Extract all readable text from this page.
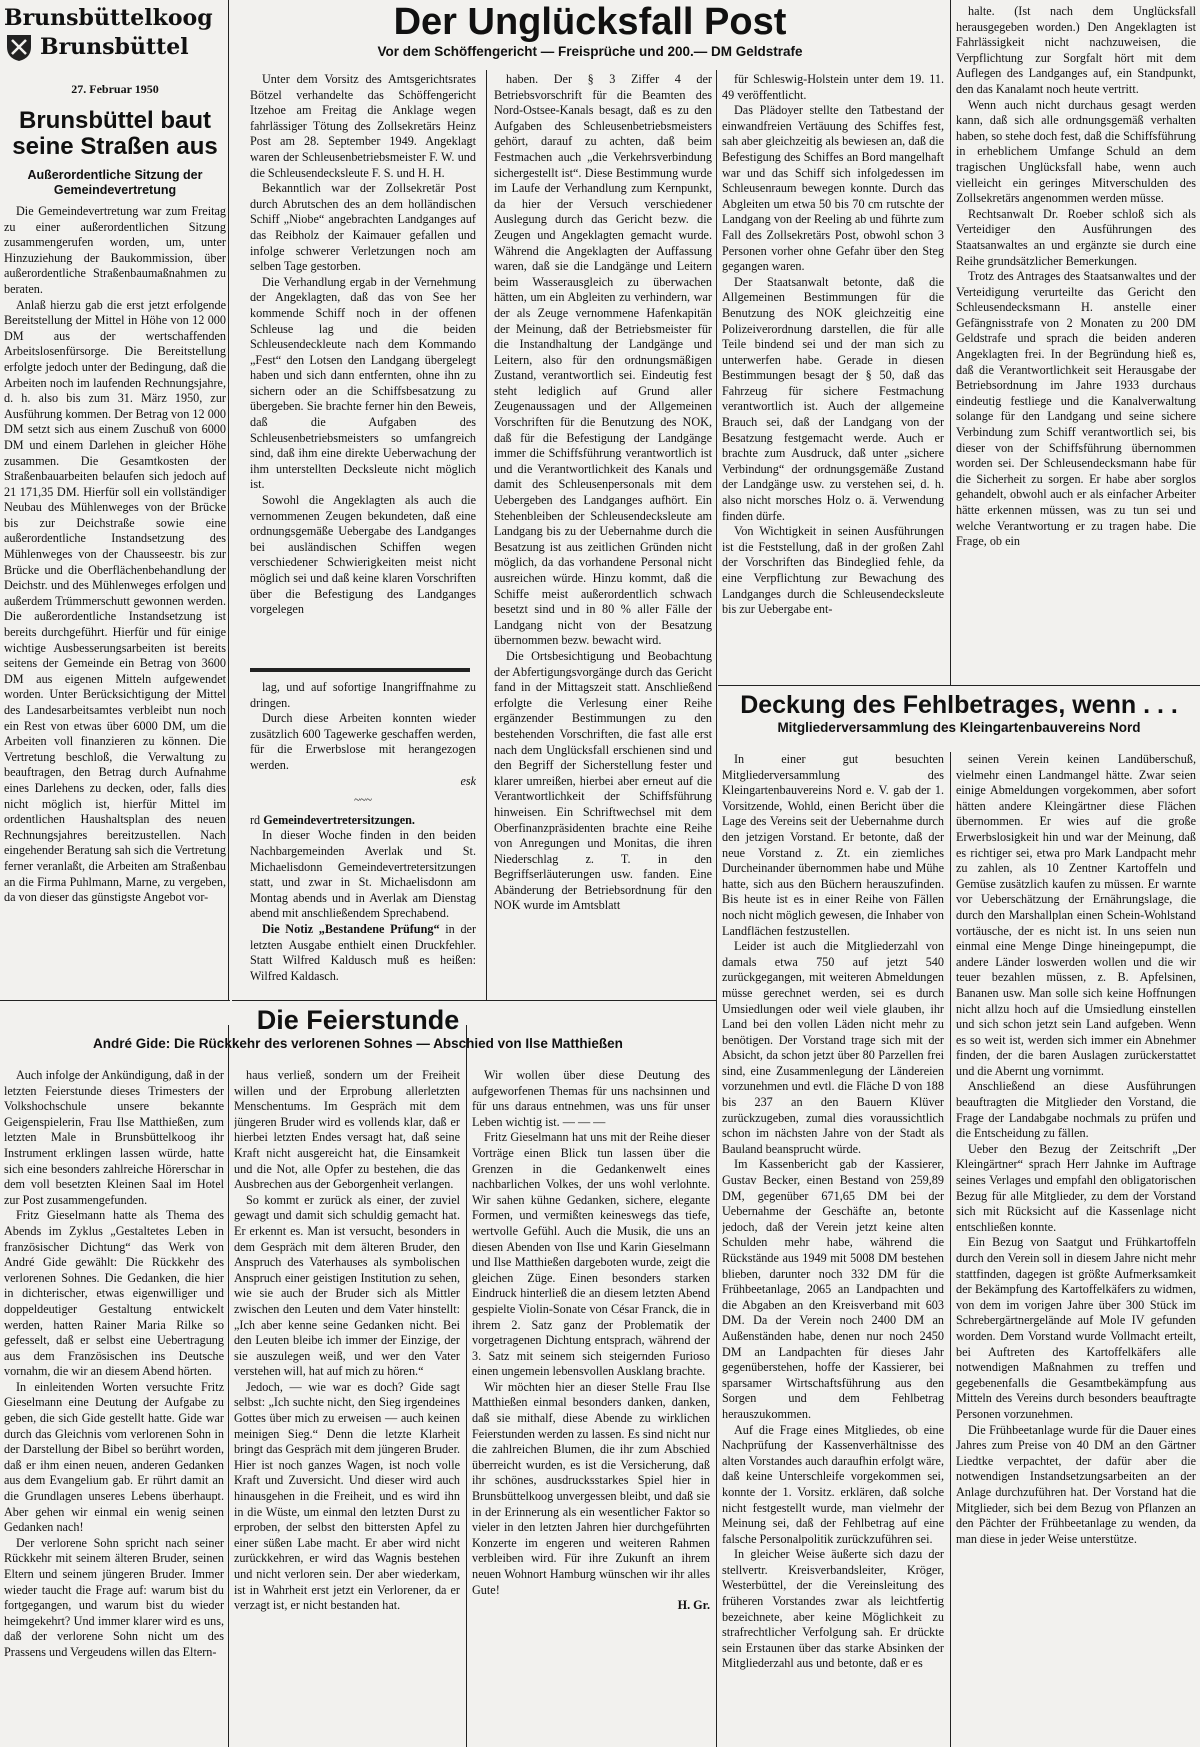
Brunsbüttelkoog
Brunsbüttel
27. Februar 1950
Brunsbüttel baut seine Straßen aus
Außerordentliche Sitzung der Gemeindevertretung

Die Gemeindevertretung war zum Freitag zu einer außerordentlichen Sitzung zusammengerufen worden, um, unter Hinzuziehung der Baukommission, über außerordentliche Straßenbaumaßnahmen zu beraten.

Anlaß hierzu gab die erst jetzt erfolgende Bereitstellung der Mittel in Höhe von 12 000 DM aus der wertschaffenden Arbeitslosenfürsorge. Die Bereitstellung erfolgte jedoch unter der Bedingung, daß die Arbeiten noch im laufenden Rechnungsjahre, d. h. also bis zum 31. März 1950, zur Ausführung kommen. Der Betrag von 12 000 DM setzt sich aus einem Zuschuß von 6000 DM und einem Darlehen in gleicher Höhe zusammen. Die Gesamtkosten der Straßenbauarbeiten belaufen sich jedoch auf 21 171,35 DM. Hierfür soll ein vollständiger Neubau des Mühlenweges von der Brücke bis zur Deichstraße sowie eine außerordentliche Instandsetzung des Mühlenweges von der Chausseestr. bis zur Brücke und die Oberflächenbehandlung der Deichstr. und des Mühlenweges erfolgen und außerdem Trümmerschutt gewonnen werden. Die außerordentliche Instandsetzung ist bereits durchgeführt. Hierfür und für einige wichtige Ausbesserungsarbeiten ist bereits seitens der Gemeinde ein Betrag von 3600 DM aus eigenen Mitteln aufgewendet worden. Unter Berücksichtigung der Mittel des Landesarbeitsamtes verbleibt nun noch ein Rest von etwas über 6000 DM, um die Arbeiten voll finanzieren zu können. Die Vertretung beschloß, die Verwaltung zu beauftragen, den Betrag durch Aufnahme eines Darlehens zu decken, oder, falls dies nicht möglich ist, hierfür Mittel im ordentlichen Haushaltsplan des neuen Rechnungsjahres bereitzustellen. Nach eingehender Beratung sah sich die Vertretung ferner veranlaßt, die Arbeiten am Straßenbau an die Firma Puhlmann, Marne, zu vergeben, da von dieser das günstigste Angebot vor-

Der Unglücksfall Post
Vor dem Schöffengericht — Freisprüche und 200.— DM Geldstrafe

Unter dem Vorsitz des Amtsgerichtsrates Bötzel verhandelte das Schöffengericht Itzehoe am Freitag die Anklage wegen fahrlässiger Tötung des Zollsekretärs Heinz Post am 28. September 1949. Angeklagt waren der Schleusenbetriebsmeister F. W. und die Schleusendecksleute F. S. und H. H.

Bekanntlich war der Zollsekretär Post durch Abrutschen des an dem holländischen Schiff „Niobe“ angebrachten Landganges auf das Reibholz der Kaimauer gefallen und infolge schwerer Verletzungen noch am selben Tage gestorben.

Die Verhandlung ergab in der Vernehmung der Angeklagten, daß das von See her kommende Schiff noch in der offenen Schleuse lag und die beiden Schleusendeckleute nach dem Kommando „Fest“ den Lotsen den Landgang übergelegt haben und sich dann entfernten, ohne ihn zu sichern oder an die Schiffsbesatzung zu übergeben. Sie brachte ferner hin den Beweis, daß die Aufgaben des Schleusenbetriebsmeisters so umfangreich sind, daß ihm eine direkte Ueberwachung der ihm unterstellten Decksleute nicht möglich ist.

Sowohl die Angeklagten als auch die vernommenen Zeugen bekundeten, daß eine ordnungsgemäße Uebergabe des Landganges bei ausländischen Schiffen wegen verschiedener Schwierigkeiten meist nicht möglich sei und daß keine klaren Vorschriften über die Befestigung des Landganges vorgelegen

haben. Der § 3 Ziffer 4 der Betriebsvorschrift für die Beamten des Nord-Ostsee-Kanals besagt, daß es zu den Aufgaben des Schleusenbetriebsmeisters gehört, darauf zu achten, daß beim Festmachen auch „die Verkehrsverbindung sichergestellt ist“. Diese Bestimmung wurde im Laufe der Verhandlung zum Kernpunkt, da hier der Versuch verschiedener Auslegung durch das Gericht bezw. die Zeugen und Angeklagten gemacht wurde. Während die Angeklagten der Auffassung waren, daß sie die Landgänge und Leitern beim Wasserausgleich zu überwachen hätten, um ein Abgleiten zu verhindern, war der als Zeuge vernommene Hafenkapitän der Meinung, daß der Betriebsmeister für die Instandhaltung der Landgänge und Leitern, also für den ordnungsmäßigen Zustand, verantwortlich sei. Eindeutig fest steht lediglich auf Grund aller Zeugenaussagen und der Allgemeinen Vorschriften für die Benutzung des NOK, daß für die Befestigung der Landgänge immer die Schiffsführung verantwortlich ist und die Verantwortlichkeit des Kanals und damit des Schleusenpersonals mit dem Uebergeben des Landganges aufhört. Ein Stehenbleiben der Schleusendecksleute am Landgang bis zu der Uebernahme durch die Besatzung ist aus zeitlichen Gründen nicht möglich, da das vorhandene Personal nicht ausreichen würde. Hinzu kommt, daß die Schiffe meist außerordentlich schwach besetzt sind und in 80 % aller Fälle der Landgang nicht von der Besatzung übernommen bezw. bewacht wird.

Die Ortsbesichtigung und Beobachtung der Abfertigungsvorgänge durch das Gericht fand in der Mittagszeit statt. Anschließend erfolgte die Verlesung einer Reihe ergänzender Bestimmungen zu den bestehenden Vorschriften, die fast alle erst nach dem Unglücksfall erschienen sind und den Begriff der Sicherstellung fester und klarer umreißen, hierbei aber erneut auf die Verantwortlichkeit der Schiffsführung hinweisen. Ein Schriftwechsel mit dem Oberfinanzpräsidenten brachte eine Reihe von Anregungen und Monitas, die ihren Niederschlag z. T. in den Begriffserläuterungen usw. fanden. Eine Abänderung der Betriebsordnung für den NOK wurde im Amtsblatt

für Schleswig-Holstein unter dem 19. 11. 49 veröffentlicht.

Das Plädoyer stellte den Tatbestand der einwandfreien Vertäuung des Schiffes fest, sah aber gleichzeitig als bewiesen an, daß die Befestigung des Schiffes an Bord mangelhaft war und das Schiff sich infolgedessen im Schleusenraum bewegen konnte. Durch das Abgleiten um etwa 50 bis 70 cm rutschte der Landgang von der Reeling ab und führte zum Fall des Zollsekretärs Post, obwohl schon 3 Personen vorher ohne Gefahr über den Steg gegangen waren.

Der Staatsanwalt betonte, daß die Allgemeinen Bestimmungen für die Benutzung des NOK gleichzeitig eine Polizeiverordnung darstellen, die für alle Teile bindend sei und der man sich zu unterwerfen habe. Gerade in diesen Bestimmungen besagt der § 50, daß das Fahrzeug für sichere Festmachung verantwortlich ist. Auch der allgemeine Brauch sei, daß der Landgang von der Besatzung festgemacht werde. Auch er brachte zum Ausdruck, daß unter „sichere Verbindung“ der ordnungsgemäße Zustand der Landgänge usw. zu verstehen sei, d. h. also nicht morsches Holz o. ä. Verwendung finden dürfe.

Von Wichtigkeit in seinen Ausführungen ist die Feststellung, daß in der großen Zahl der Vorschriften das Bindeglied fehle, da eine Verpflichtung zur Bewachung des Landganges durch die Schleusendecksleute bis zur Uebergabe ent-

halte. (Ist nach dem Unglücksfall herausgegeben worden.) Den Angeklagten ist Fahrlässigkeit nicht nachzuweisen, die Verpflichtung zur Sorgfalt hört mit dem Auflegen des Landganges auf, ein Standpunkt, den das Kanalamt noch heute vertritt.

Wenn auch nicht durchaus gesagt werden kann, daß sich alle ordnungsgemäß verhalten haben, so stehe doch fest, daß die Schiffsführung in erheblichem Umfange Schuld an dem tragischen Unglücksfall habe, wenn auch vielleicht ein geringes Mitverschulden des Zollsekretärs angenommen werden müsse.

Rechtsanwalt Dr. Roeber schloß sich als Verteidiger den Ausführungen des Staatsanwaltes an und ergänzte sie durch eine Reihe grundsätzlicher Bemerkungen.

Trotz des Antrages des Staatsanwaltes und der Verteidigung verurteilte das Gericht den Schleusendecksmann H. anstelle einer Gefängnisstrafe von 2 Monaten zu 200 DM Geldstrafe und sprach die beiden anderen Angeklagten frei. In der Begründung hieß es, daß die Verantwortlichkeit seit Herausgabe der Betriebsordnung im Jahre 1933 durchaus eindeutig festliege und die Kanalverwaltung solange für den Landgang und seine sichere Verbindung zum Schiff verantwortlich sei, bis dieser von der Schiffsführung übernommen worden sei. Der Schleusendecksmann habe für die Sicherheit zu sorgen. Er habe aber sorglos gehandelt, obwohl auch er als einfacher Arbeiter hätte erkennen müssen, was zu tun sei und welche Verantwortung er zu tragen habe. Die Frage, ob ein

lag, und auf sofortige Inangriffnahme zu dringen.

Durch diese Arbeiten konnten wieder zusätzlich 600 Tagewerke geschaffen werden, für die Erwerbslose mit herangezogen werden.

esk
~~~
rd Gemeindevertretersitzungen.

In dieser Woche finden in den beiden Nachbargemeinden Averlak und St. Michaelisdonn Gemeindevertretersitzungen statt, und zwar in St. Michaelisdonn am Montag abends und in Averlak am Dienstag abend mit anschließendem Sprechabend.

Die Notiz „Bestandene Prüfung“ in der letzten Ausgabe enthielt einen Druckfehler. Statt Wilfred Kaldusch muß es heißen: Wilfred Kaldasch.

Deckung des Fehlbetrages, wenn . . .
Mitgliederversammlung des Kleingartenbauvereins Nord

In einer gut besuchten Mitgliederversammlung des Kleingartenbauvereins Nord e. V. gab der 1. Vorsitzende, Wohld, einen Bericht über die Lage des Vereins seit der Uebernahme durch den jetzigen Vorstand. Er betonte, daß der neue Vorstand z. Zt. ein ziemliches Durcheinander übernommen habe und Mühe hatte, sich aus den Büchern herauszufinden. Bis heute ist es in einer Reihe von Fällen noch nicht möglich gewesen, die Inhaber von Landflächen festzustellen.

Leider ist auch die Mitgliederzahl von damals etwa 750 auf jetzt 540 zurückgegangen, mit weiteren Abmeldungen müsse gerechnet werden, sei es durch Umsiedlungen oder weil viele glauben, ihr Land bei den vollen Läden nicht mehr zu benötigen. Der Vorstand trage sich mit der Absicht, da schon jetzt über 80 Parzellen frei sind, eine Zusammenlegung der Ländereien vorzunehmen und evtl. die Fläche D von 188 bis 237 an den Bauern Klüver zurückzugeben, zumal dies voraussichtlich schon im nächsten Jahre von der Stadt als Bauland beansprucht würde.

Im Kassenbericht gab der Kassierer, Gustav Becker, einen Bestand von 259,89 DM, gegenüber 671,65 DM bei der Uebernahme der Geschäfte an, betonte jedoch, daß der Verein jetzt keine alten Schulden mehr habe, während die Rückstände aus 1949 mit 5008 DM bestehen blieben, darunter noch 332 DM für die Frühbeetanlage, 2065 an Landpachten und die Abgaben an den Kreisverband mit 603 DM. Da der Verein noch 2400 DM an Außenständen habe, denen nur noch 2450 DM an Landpachten für dieses Jahr gegenüberstehen, hoffe der Kassierer, bei sparsamer Wirtschaftsführung aus den Sorgen und dem Fehlbetrag herauszukommen.

Auf die Frage eines Mitgliedes, ob eine Nachprüfung der Kassenverhältnisse des alten Vorstandes auch daraufhin erfolgt wäre, daß keine Unterschleife vorgekommen sei, konnte der 1. Vorsitz. erklären, daß solche nicht festgestellt wurde, man vielmehr der Meinung sei, daß der Fehlbetrag auf eine falsche Personalpolitik zurückzuführen sei.

In gleicher Weise äußerte sich dazu der stellvertr. Kreisverbandsleiter, Kröger, Westerbüttel, der die Vereinsleitung des früheren Vorstandes zwar als leichtfertig bezeichnete, aber keine Möglichkeit zu strafrechtlicher Verfolgung sah. Er drückte sein Erstaunen über das starke Absinken der Mitgliederzahl aus und betonte, daß er es

seinen Verein keinen Landüberschuß, vielmehr einen Landmangel hätte. Zwar seien einige Abmeldungen vorgekommen, aber sofort hätten andere Kleingärtner diese Flächen übernommen. Er wies auf die große Erwerbslosigkeit hin und war der Meinung, daß es richtiger sei, etwa pro Mark Landpacht mehr zu zahlen, als 10 Zentner Kartoffeln und Gemüse zusätzlich kaufen zu müssen. Er warnte vor Ueberschätzung der Ernährungslage, die durch den Marshallplan einen Schein-Wohlstand vortäusche, der es nicht ist. In uns seien nun einmal eine Menge Dinge hineingepumpt, die andere Länder loswerden wollen und die wir teuer bezahlen müssen, z. B. Apfelsinen, Bananen usw. Man solle sich keine Hoffnungen nicht allzu hoch auf die Umsiedlung einstellen und sich schon jetzt sein Land aufgeben. Wenn es so weit ist, werden sich immer ein Abnehmer finden, der die baren Auslagen zurückerstattet und die Abernt ung vornimmt.

Anschließend an diese Ausführungen beauftragten die Mitglieder den Vorstand, die Frage der Landabgabe nochmals zu prüfen und die Entscheidung zu fällen.

Ueber den Bezug der Zeitschrift „Der Kleingärtner“ sprach Herr Jahnke im Auftrage seines Verlages und empfahl den obligatorischen Bezug für alle Mitglieder, zu dem der Vorstand sich mit Rücksicht auf die Kassenlage nicht entschließen konnte.

Ein Bezug von Saatgut und Frühkartoffeln durch den Verein soll in diesem Jahre nicht mehr stattfinden, dagegen ist größte Aufmerksamkeit der Bekämpfung des Kartoffelkäfers zu widmen, von dem im vorigen Jahre über 300 Stück im Schrebergärtnergelände auf Mole IV gefunden worden. Dem Vorstand wurde Vollmacht erteilt, bei Auftreten des Kartoffelkäfers alle notwendigen Maßnahmen zu treffen und gegebenenfalls die Gesamtbekämpfung aus Mitteln des Vereins durch besonders beauftragte Personen vorzunehmen.

Die Frühbeetanlage wurde für die Dauer eines Jahres zum Preise von 40 DM an den Gärtner Liedtke verpachtet, der dafür aber die notwendigen Instandsetzungsarbeiten an der Anlage durchzuführen hat. Der Vorstand hat die Mitglieder, sich bei dem Bezug von Pflanzen an den Pächter der Frühbeetanlage zu wenden, da man diese in jeder Weise unterstütze.

Die Feierstunde
André Gide: Die Rückkehr des verlorenen Sohnes — Abschied von Ilse Matthießen

Auch infolge der Ankündigung, daß in der letzten Feierstunde dieses Trimesters der Volkshochschule unsere bekannte Geigenspielerin, Frau Ilse Matthießen, zum letzten Male in Brunsbüttelkoog ihr Instrument erklingen lassen würde, hatte sich eine besonders zahlreiche Hörerschar in dem voll besetzten Kleinen Saal im Hotel zur Post zusammengefunden.

Fritz Gieselmann hatte als Thema des Abends im Zyklus „Gestaltetes Leben in französischer Dichtung“ das Werk von André Gide gewählt: Die Rückkehr des verlorenen Sohnes. Die Gedanken, die hier in dichterischer, etwas eigenwilliger und doppeldeutiger Gestaltung entwickelt werden, hatten Rainer Maria Rilke so gefesselt, daß er selbst eine Uebertragung aus dem Französischen ins Deutsche vornahm, die wir an diesem Abend hörten.

In einleitenden Worten versuchte Fritz Gieselmann eine Deutung der Aufgabe zu geben, die sich Gide gestellt hatte. Gide war durch das Gleichnis vom verlorenen Sohn in der Darstellung der Bibel so berührt worden, daß er ihm einen neuen, anderen Gedanken aus dem Evangelium gab. Er rührt damit an die Grundlagen unseres Lebens überhaupt. Aber gehen wir einmal ein wenig seinen Gedanken nach!

Der verlorene Sohn spricht nach seiner Rückkehr mit seinem älteren Bruder, seinen Eltern und seinem jüngeren Bruder. Immer wieder taucht die Frage auf: warum bist du fortgegangen, und warum bist du wieder heimgekehrt? Und immer klarer wird es uns, daß der verlorene Sohn nicht um des Prassens und Vergeudens willen das Eltern-

haus verließ, sondern um der Freiheit willen und der Erprobung allerletzten Menschentums. Im Gespräch mit dem jüngeren Bruder wird es vollends klar, daß er hierbei letzten Endes versagt hat, daß seine Kraft nicht ausgereicht hat, die Einsamkeit und die Not, alle Opfer zu bestehen, die das Ausbrechen aus der Geborgenheit verlangen.

So kommt er zurück als einer, der zuviel gewagt und damit sich schuldig gemacht hat. Er erkennt es. Man ist versucht, besonders in dem Gespräch mit dem älteren Bruder, den Anspruch des Vaterhauses als symbolischen Anspruch einer geistigen Institution zu sehen, wie sie auch der Bruder sich als Mittler zwischen den Leuten und dem Vater hinstellt: „Ich aber kenne seine Gedanken nicht. Bei den Leuten bleibe ich immer der Einzige, der sie auszulegen weiß, und wer den Vater verstehen will, hat auf mich zu hören.“

Jedoch, — wie war es doch? Gide sagt selbst: „Ich suchte nicht, den Sieg irgendeines Gottes über mich zu erweisen — auch keinen meinigen Sieg.“ Denn die letzte Klarheit bringt das Gespräch mit dem jüngeren Bruder. Hier ist noch ganzes Wagen, ist noch volle Kraft und Zuversicht. Und dieser wird auch hinausgehen in die Freiheit, und es wird ihn in die Wüste, um einmal den letzten Durst zu erproben, der selbst den bittersten Apfel zu einer süßen Labe macht. Er aber wird nicht zurückkehren, er wird das Wagnis bestehen und nicht verloren sein. Der aber wiederkam, ist in Wahrheit erst jetzt ein Verlorener, da er verzagt ist, er nicht bestanden hat.

Wir wollen über diese Deutung des aufgeworfenen Themas für uns nachsinnen und für uns daraus entnehmen, was uns für unser Leben wichtig ist. — — —

Fritz Gieselmann hat uns mit der Reihe dieser Vorträge einen Blick tun lassen über die Grenzen in die Gedankenwelt eines nachbarlichen Volkes, der uns wohl verlohnte. Wir sahen kühne Gedanken, sichere, elegante Formen, und vermißten keineswegs das tiefe, wertvolle Gefühl. Auch die Musik, die uns an diesen Abenden von Ilse und Karin Gieselmann und Ilse Matthießen dargeboten wurde, zeigt die gleichen Züge. Einen besonders starken Eindruck hinterließ die an diesem letzten Abend gespielte Violin-Sonate von César Franck, die in ihrem 2. Satz ganz der Problematik der vorgetragenen Dichtung entsprach, während der 3. Satz mit seinem sich steigernden Furioso einen ungemein lebensvollen Ausklang brachte.

Wir möchten hier an dieser Stelle Frau Ilse Matthießen einmal besonders danken, danken, daß sie mithalf, diese Abende zu wirklichen Feierstunden werden zu lassen. Es sind nicht nur die zahlreichen Blumen, die ihr zum Abschied überreicht wurden, es ist die Versicherung, daß ihr schönes, ausdrucksstarkes Spiel hier in Brunsbüttelkoog unvergessen bleibt, und daß sie in der Erinnerung als ein wesentlicher Faktor so vieler in den letzten Jahren hier durchgeführten Konzerte im engeren und weiteren Rahmen verbleiben wird. Für ihre Zukunft an ihrem neuen Wohnort Hamburg wünschen wir ihr alles Gute!

H. Gr.
